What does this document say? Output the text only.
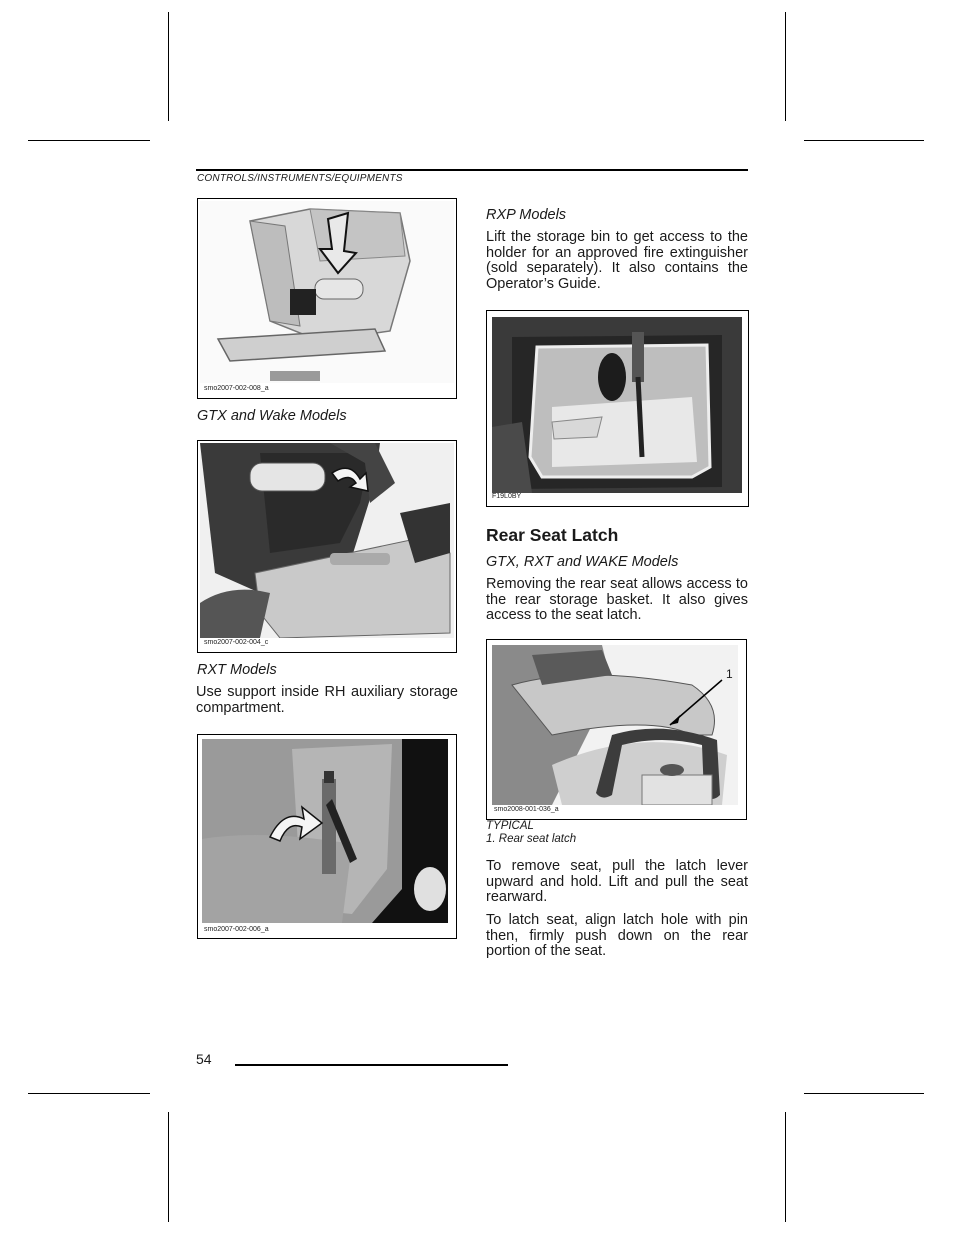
CONTROLS/INSTRUMENTS/EQUIPMENTS
smo2007-002-008_a
GTX and Wake Models
smo2007-002-004_c
RXT Models

Use support inside RH auxiliary storage compartment.

smo2007-002-006_a
RXP Models

Lift the storage bin to get access to the holder for an approved fire extinguisher (sold separately). It also contains the Operator’s Guide.

F19L0BY
Rear Seat Latch
GTX, RXT and WAKE Models

Removing the rear seat allows access to the rear storage basket. It also gives access to the seat latch.

1
smo2008-001-036_a
TYPICAL
1. Rear seat latch

To remove seat, pull the latch lever upward and hold. Lift and pull the seat rearward.

To latch seat, align latch hole with pin then, firmly push down on the rear portion of the seat.

54
